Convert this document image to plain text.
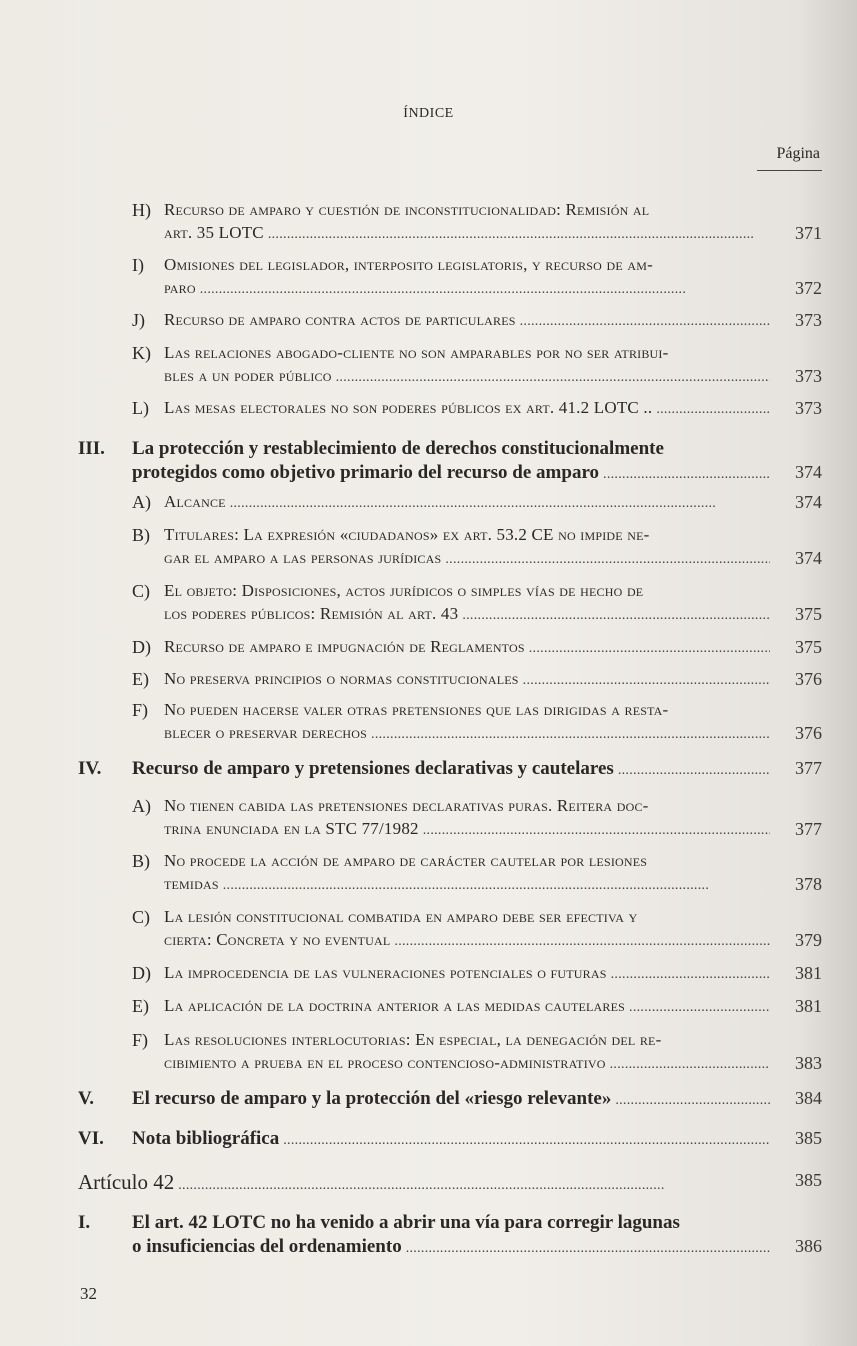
ÍNDICE
Página
H) Recurso de amparo y cuestión de inconstitucionalidad: Remisión al
art. 35 LOTC . . .	371
I) Omisiones del legislador, interposito legislatoris, y recurso de am-
paro . . .	372
J) Recurso de amparo contra actos de particulares . . .	373
K) Las relaciones abogado-cliente no son amparables por no ser atribui-
bles a un poder público . . .	373
L) Las mesas electorales no son poderes públicos ex art. 41.2 LOTC .. . . .	373
III. La protección y restablecimiento de derechos constitucionalmente
protegidos como objetivo primario del recurso de amparo . . .	374
A) Alcance . . .	374
B) Titulares: La expresión «ciudadanos» ex art. 53.2 CE no impide ne-
gar el amparo a las personas jurídicas . . .	374
C) El objeto: Disposiciones, actos jurídicos o simples vías de hecho de
los poderes públicos: Remisión al art. 43 . . .	375
D) Recurso de amparo e impugnación de Reglamentos . . .	375
E) No preserva principios o normas constitucionales . . .	376
F) No pueden hacerse valer otras pretensiones que las dirigidas a resta-
blecer o preservar derechos . . .	376
IV. Recurso de amparo y pretensiones declarativas y cautelares . . .	377
A) No tienen cabida las pretensiones declarativas puras. Reitera doc-
trina enunciada en la STC 77/1982 . . .	377
B) No procede la acción de amparo de carácter cautelar por lesiones
temidas . . .	378
C) La lesión constitucional combatida en amparo debe ser efectiva y
cierta: Concreta y no eventual . . .	379
D) La improcedencia de las vulneraciones potenciales o futuras . . .	381
E) La aplicación de la doctrina anterior a las medidas cautelares . . .	381
F) Las resoluciones interlocutorias: En especial, la denegación del re-
cibimiento a prueba en el proceso contencioso-administrativo . . .	383
V. El recurso de amparo y la protección del «riesgo relevante» . . .	384
VI. Nota bibliográfica . . .	385
Artículo 42 . . .	385
I. El art. 42 LOTC no ha venido a abrir una vía para corregir lagunas
o insuficiencias del ordenamiento . . .	386
32
